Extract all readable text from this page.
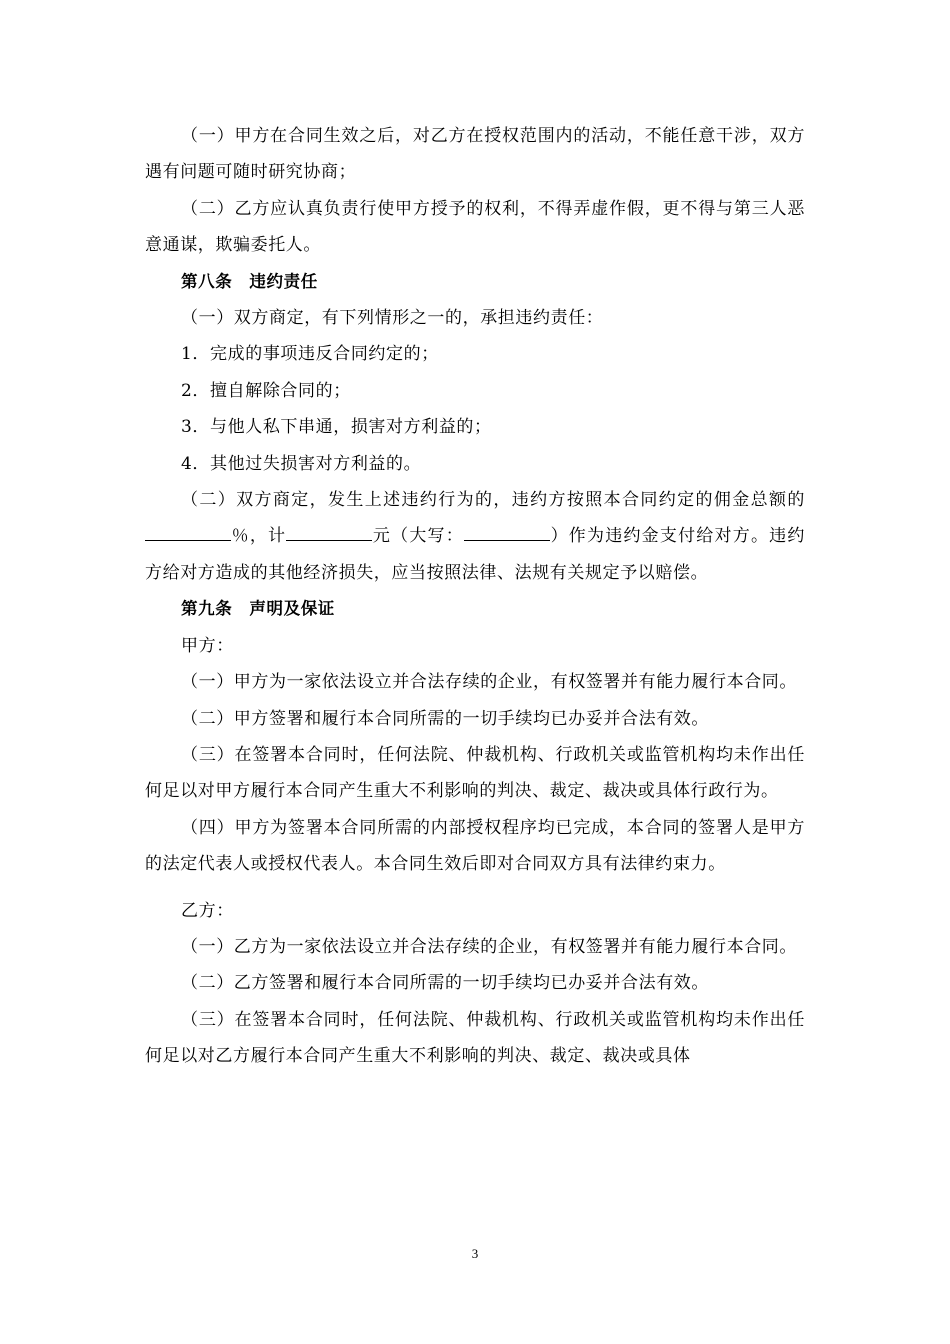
（一）甲方在合同生效之后，对乙方在授权范围内的活动，不能任意干涉，双方遇有问题可随时研究协商；

（二）乙方应认真负责行使甲方授予的权利，不得弄虚作假，更不得与第三人恶意通谋，欺骗委托人。

第八条　违约责任

（一）双方商定，有下列情形之一的，承担违约责任：

1．完成的事项违反合同约定的；

2．擅自解除合同的；

3．与他人私下串通，损害对方利益的；

4．其他过失损害对方利益的。

（二）双方商定，发生上述违约行为的，违约方按照本合同约定的佣金总额的％，计	元（大写：	）作为违约金支付给对方。违约方给对方造成的其他经济损失，应当按照法律、法规有关规定予以赔偿。

第九条　声明及保证

甲方：

（一）甲方为一家依法设立并合法存续的企业，有权签署并有能力履行本合同。

（二）甲方签署和履行本合同所需的一切手续均已办妥并合法有效。

（三）在签署本合同时，任何法院、仲裁机构、行政机关或监管机构均未作出任何足以对甲方履行本合同产生重大不利影响的判决、裁定、裁决或具体行政行为。

（四）甲方为签署本合同所需的内部授权程序均已完成，本合同的签署人是甲方的法定代表人或授权代表人。本合同生效后即对合同双方具有法律约束力。

乙方：

（一）乙方为一家依法设立并合法存续的企业，有权签署并有能力履行本合同。

（二）乙方签署和履行本合同所需的一切手续均已办妥并合法有效。

（三）在签署本合同时，任何法院、仲裁机构、行政机关或监管机构均未作出任何足以对乙方履行本合同产生重大不利影响的判决、裁定、裁决或具体

3
